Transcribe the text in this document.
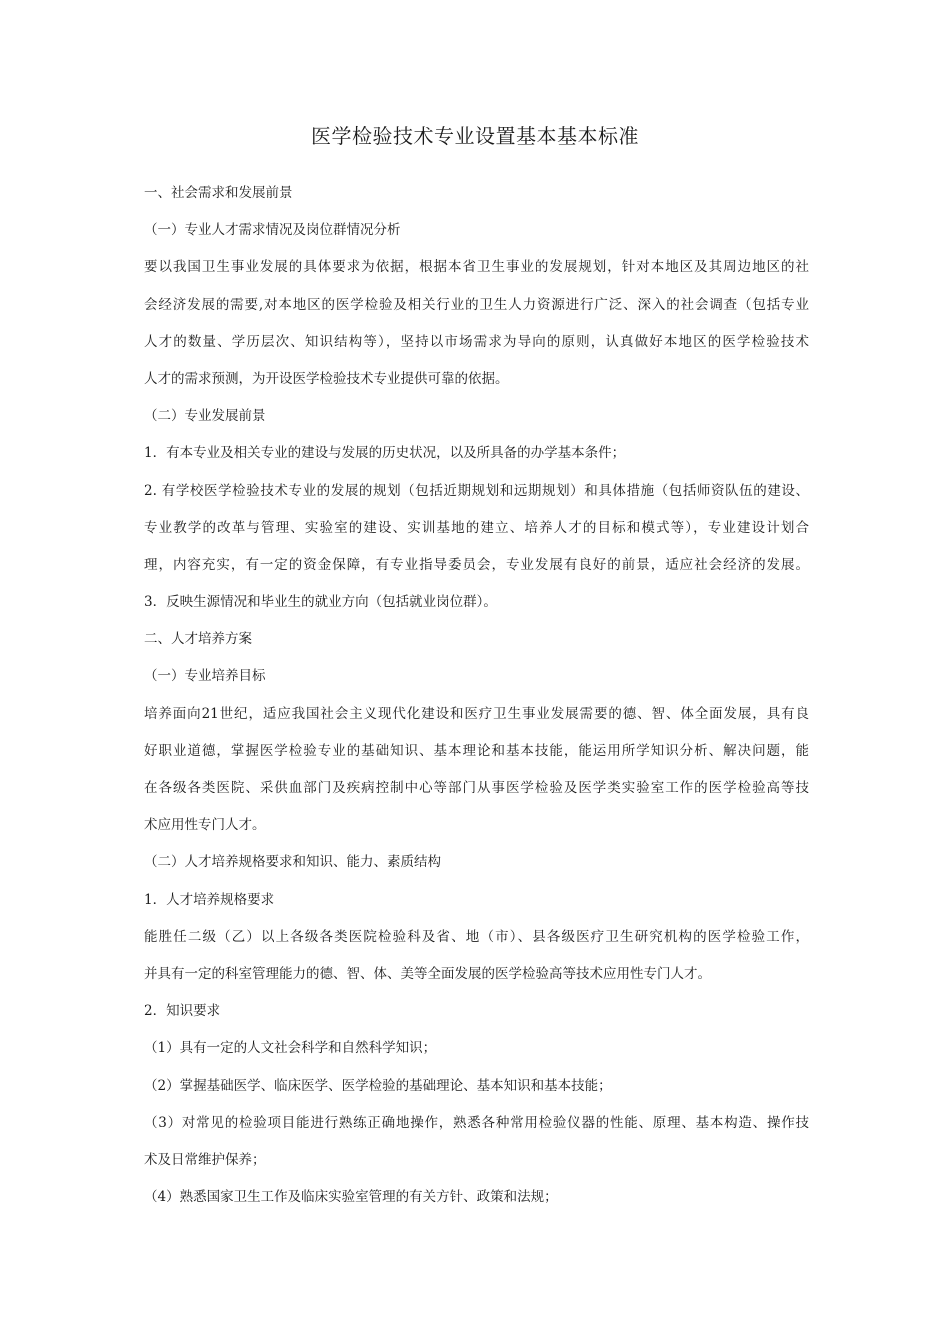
医学检验技术专业设置基本基本标准

一、社会需求和发展前景

（一）专业人才需求情况及岗位群情况分析

要以我国卫生事业发展的具体要求为依据，根据本省卫生事业的发展规划，针对本地区及其周边地区的社

会经济发展的需要,对本地区的医学检验及相关行业的卫生人力资源进行广泛、深入的社会调查（包括专业

人才的数量、学历层次、知识结构等），坚持以市场需求为导向的原则，认真做好本地区的医学检验技术

人才的需求预测，为开设医学检验技术专业提供可靠的依据。

（二）专业发展前景

1．有本专业及相关专业的建设与发展的历史状况，以及所具备的办学基本条件；

2. 有学校医学检验技术专业的发展的规划（包括近期规划和远期规划）和具体措施（包括师资队伍的建设、

专业教学的改革与管理、实验室的建设、实训基地的建立、培养人才的目标和模式等），专业建设计划合

理，内容充实，有一定的资金保障，有专业指导委员会，专业发展有良好的前景，适应社会经济的发展。

3．反映生源情况和毕业生的就业方向（包括就业岗位群）。

二、人才培养方案

（一）专业培养目标

培养面向21世纪，适应我国社会主义现代化建设和医疗卫生事业发展需要的德、智、体全面发展，具有良

好职业道德，掌握医学检验专业的基础知识、基本理论和基本技能，能运用所学知识分析、解决问题，能

在各级各类医院、采供血部门及疾病控制中心等部门从事医学检验及医学类实验室工作的医学检验高等技

术应用性专门人才。

（二）人才培养规格要求和知识、能力、素质结构

1．人才培养规格要求

能胜任二级（乙）以上各级各类医院检验科及省、地（市）、县各级医疗卫生研究机构的医学检验工作，

并具有一定的科室管理能力的德、智、体、美等全面发展的医学检验高等技术应用性专门人才。

2．知识要求

（1）具有一定的人文社会科学和自然科学知识；

（2）掌握基础医学、临床医学、医学检验的基础理论、基本知识和基本技能；

（3）对常见的检验项目能进行熟练正确地操作，熟悉各种常用检验仪器的性能、原理、基本构造、操作技

术及日常维护保养；

（4）熟悉国家卫生工作及临床实验室管理的有关方针、政策和法规；
